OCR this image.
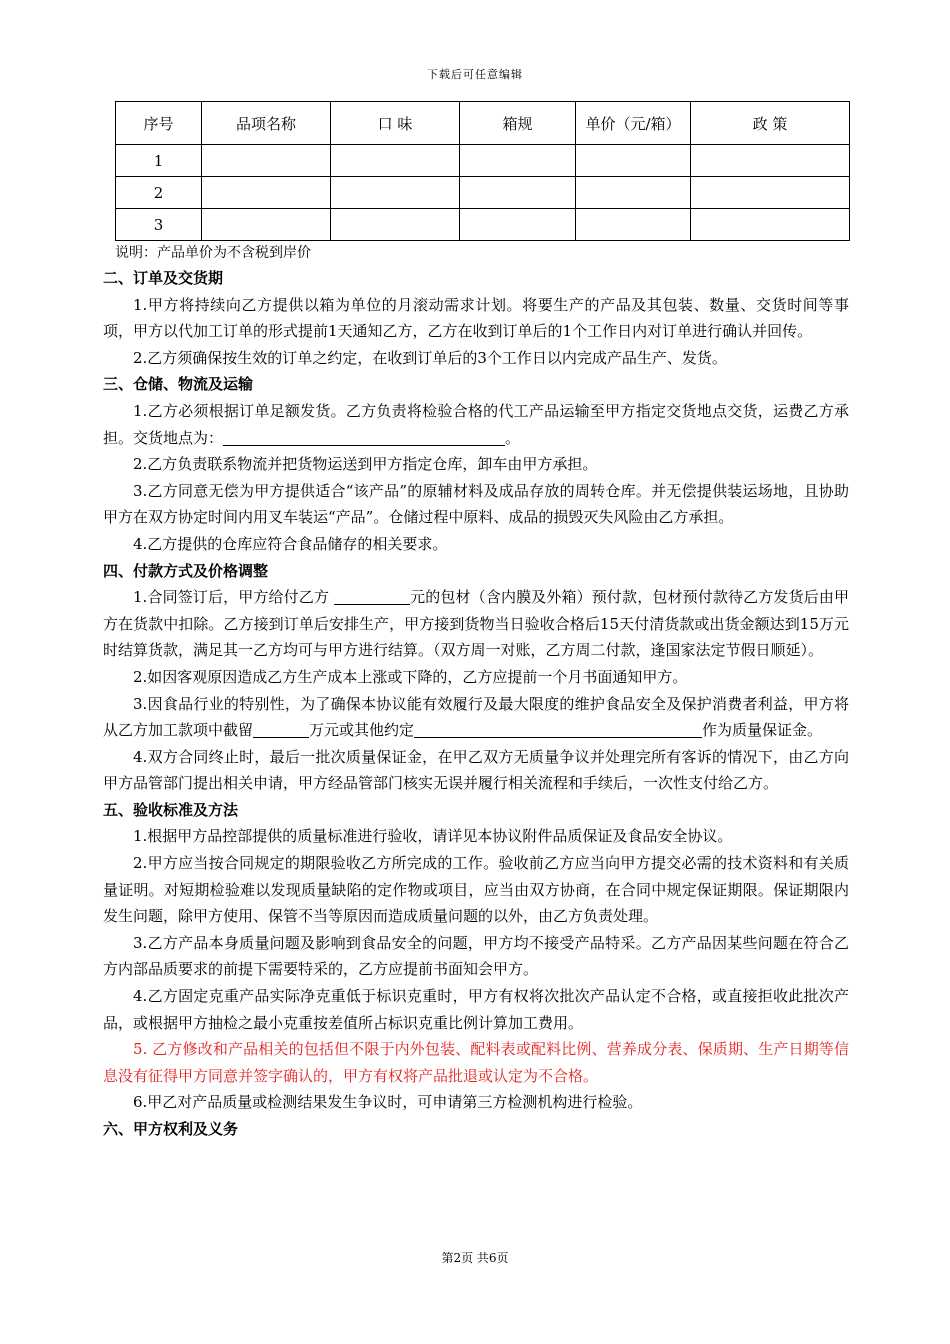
下载后可任意编辑
序号	品项名称	口 味	箱规	单价（元/箱）	政 策
1					
2					
3					
说明：产品单价为不含税到岸价
二、订单及交货期

1.甲方将持续向乙方提供以箱为单位的月滚动需求计划。将要生产的产品及其包装、数量、交货时间等事项，甲方以代加工订单的形式提前1天通知乙方，乙方在收到订单后的1个工作日内对订单进行确认并回传。

2.乙方须确保按生效的订单之约定，在收到订单后的3个工作日以内完成产品生产、发货。

三、仓储、物流及运输

1.乙方必须根据订单足额发货。乙方负责将检验合格的代工产品运输至甲方指定交货地点交货，运费乙方承担。交货地点为：	。

2.乙方负责联系物流并把货物运送到甲方指定仓库，卸车由甲方承担。

3.乙方同意无偿为甲方提供适合“该产品”的原辅材料及成品存放的周转仓库。并无偿提供装运场地，且协助甲方在双方协定时间内用叉车装运“产品”。仓储过程中原料、成品的损毁灭失风险由乙方承担。

4.乙方提供的仓库应符合食品储存的相关要求。

四、付款方式及价格调整

1.合同签订后，甲方给付乙方	元的包材（含内膜及外箱）预付款，包材预付款待乙方发货后由甲方在货款中扣除。乙方接到订单后安排生产，甲方接到货物当日验收合格后15天付清货款或出货金额达到15万元时结算货款，满足其一乙方均可与甲方进行结算。（双方周一对账，乙方周二付款，逢国家法定节假日顺延）。

2.如因客观原因造成乙方生产成本上涨或下降的，乙方应提前一个月书面通知甲方。

3.因食品行业的特别性，为了确保本协议能有效履行及最大限度的维护食品安全及保护消费者利益，甲方将从乙方加工款项中截留	万元或其他约定	作为质量保证金。

4.双方合同终止时，最后一批次质量保证金，在甲乙双方无质量争议并处理完所有客诉的情况下，由乙方向甲方品管部门提出相关申请，甲方经品管部门核实无误并履行相关流程和手续后，一次性支付给乙方。

五、验收标准及方法

1.根据甲方品控部提供的质量标准进行验收，请详见本协议附件品质保证及食品安全协议。

2.甲方应当按合同规定的期限验收乙方所完成的工作。验收前乙方应当向甲方提交必需的技术资料和有关质量证明。对短期检验难以发现质量缺陷的定作物或项目，应当由双方协商，在合同中规定保证期限。保证期限内发生问题，除甲方使用、保管不当等原因而造成质量问题的以外，由乙方负责处理。

3.乙方产品本身质量问题及影响到食品安全的问题，甲方均不接受产品特采。乙方产品因某些问题在符合乙方内部品质要求的前提下需要特采的，乙方应提前书面知会甲方。

4.乙方固定克重产品实际净克重低于标识克重时，甲方有权将次批次产品认定不合格，或直接拒收此批次产品，或根据甲方抽检之最小克重按差值所占标识克重比例计算加工费用。

5. 乙方修改和产品相关的包括但不限于内外包装、配料表或配料比例、营养成分表、保质期、生产日期等信息没有征得甲方同意并签字确认的，甲方有权将产品批退或认定为不合格。

6.甲乙对产品质量或检测结果发生争议时，可申请第三方检测机构进行检验。

六、甲方权利及义务
第2页 共6页
